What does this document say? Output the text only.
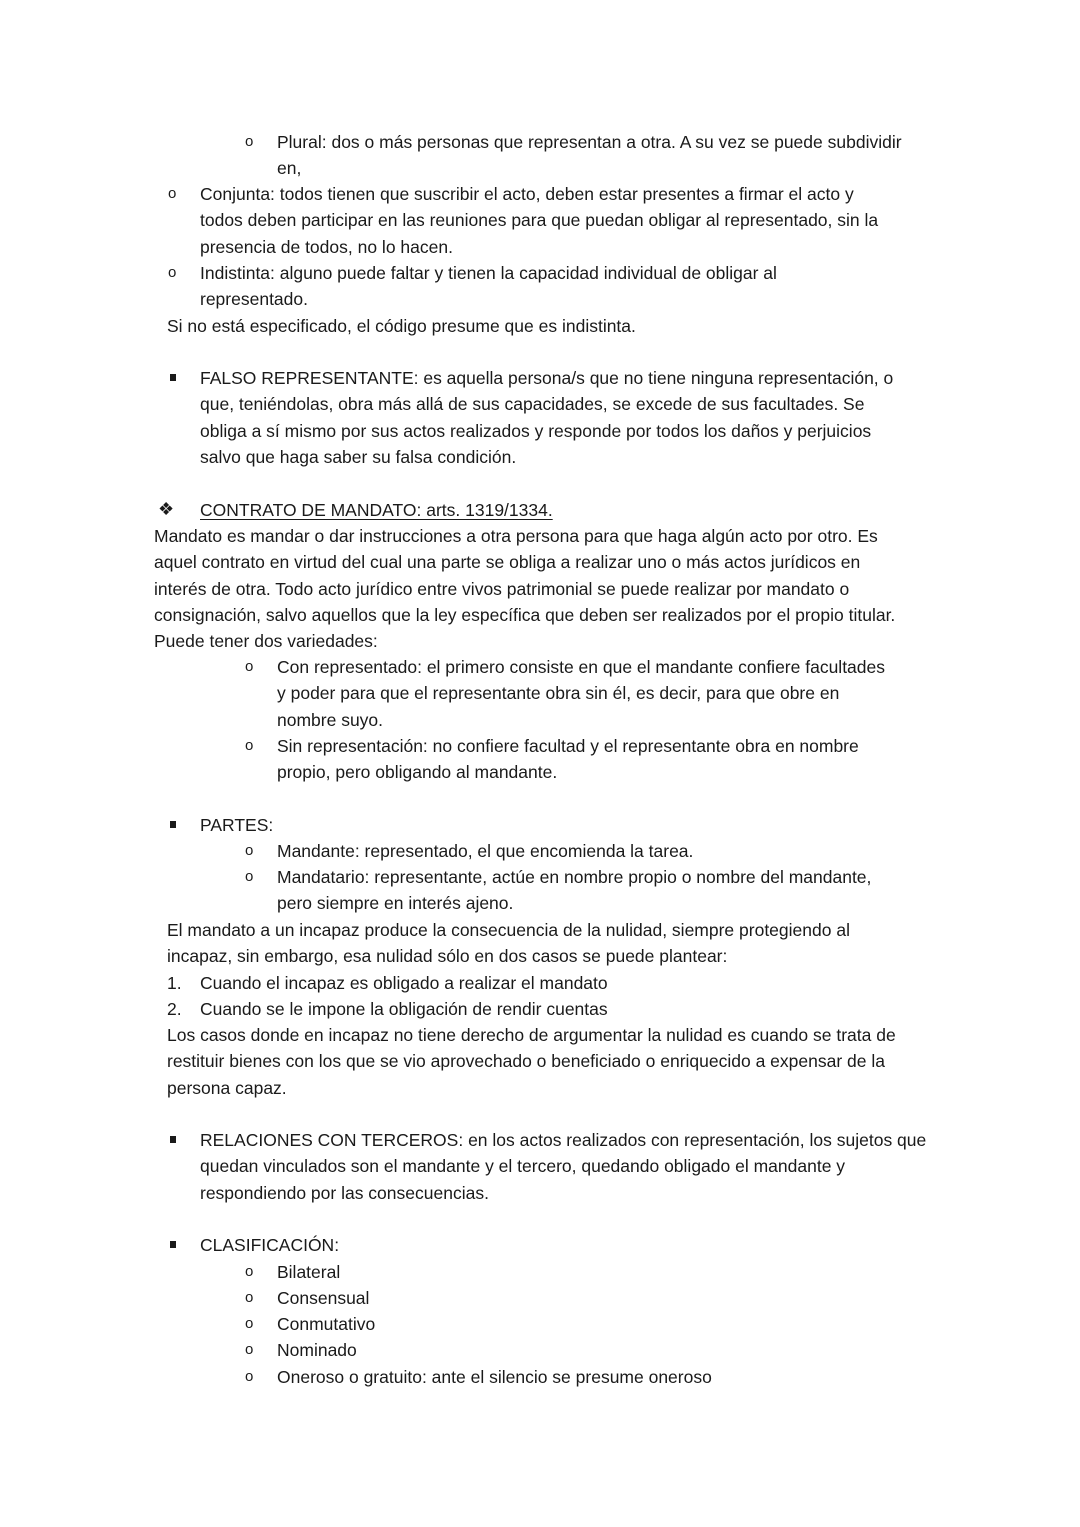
o Plural: dos o más personas que representan a otra. A su vez se puede subdividir
en,
o Conjunta: todos tienen que suscribir el acto, deben estar presentes a firmar el acto y
todos deben participar en las reuniones para que puedan obligar al representado, sin la
presencia de todos, no lo hacen.
o Indistinta: alguno puede faltar y tienen la capacidad individual de obligar al
representado.
Si no está especificado, el código presume que es indistinta.
FALSO REPRESENTANTE: es aquella persona/s que no tiene ninguna representación, o
que, teniéndolas, obra más allá de sus capacidades, se excede de sus facultades. Se
obliga a sí mismo por sus actos realizados y responde por todos los daños y perjuicios
salvo que haga saber su falsa condición.
❖ CONTRATO DE MANDATO: arts. 1319/1334.
Mandato es mandar o dar instrucciones a otra persona para que haga algún acto por otro. Es
aquel contrato en virtud del cual una parte se obliga a realizar uno o más actos jurídicos en
interés de otra. Todo acto jurídico entre vivos patrimonial se puede realizar por mandato o
consignación, salvo aquellos que la ley específica que deben ser realizados por el propio titular.
Puede tener dos variedades:
o Con representado: el primero consiste en que el mandante confiere facultades
y poder para que el representante obra sin él, es decir, para que obre en
nombre suyo.
o Sin representación: no confiere facultad y el representante obra en nombre
propio, pero obligando al mandante.
PARTES:
o Mandante: representado, el que encomienda la tarea.
o Mandatario: representante, actúe en nombre propio o nombre del mandante,
pero siempre en interés ajeno.
El mandato a un incapaz produce la consecuencia de la nulidad, siempre protegiendo al
incapaz, sin embargo, esa nulidad sólo en dos casos se puede plantear:
1. Cuando el incapaz es obligado a realizar el mandato
2. Cuando se le impone la obligación de rendir cuentas
Los casos donde en incapaz no tiene derecho de argumentar la nulidad es cuando se trata de
restituir bienes con los que se vio aprovechado o beneficiado o enriquecido a expensar de la
persona capaz.
RELACIONES CON TERCEROS: en los actos realizados con representación, los sujetos que
quedan vinculados son el mandante y el tercero, quedando obligado el mandante y
respondiendo por las consecuencias.
CLASIFICACIÓN:
o Bilateral
o Consensual
o Conmutativo
o Nominado
o Oneroso o gratuito: ante el silencio se presume oneroso
